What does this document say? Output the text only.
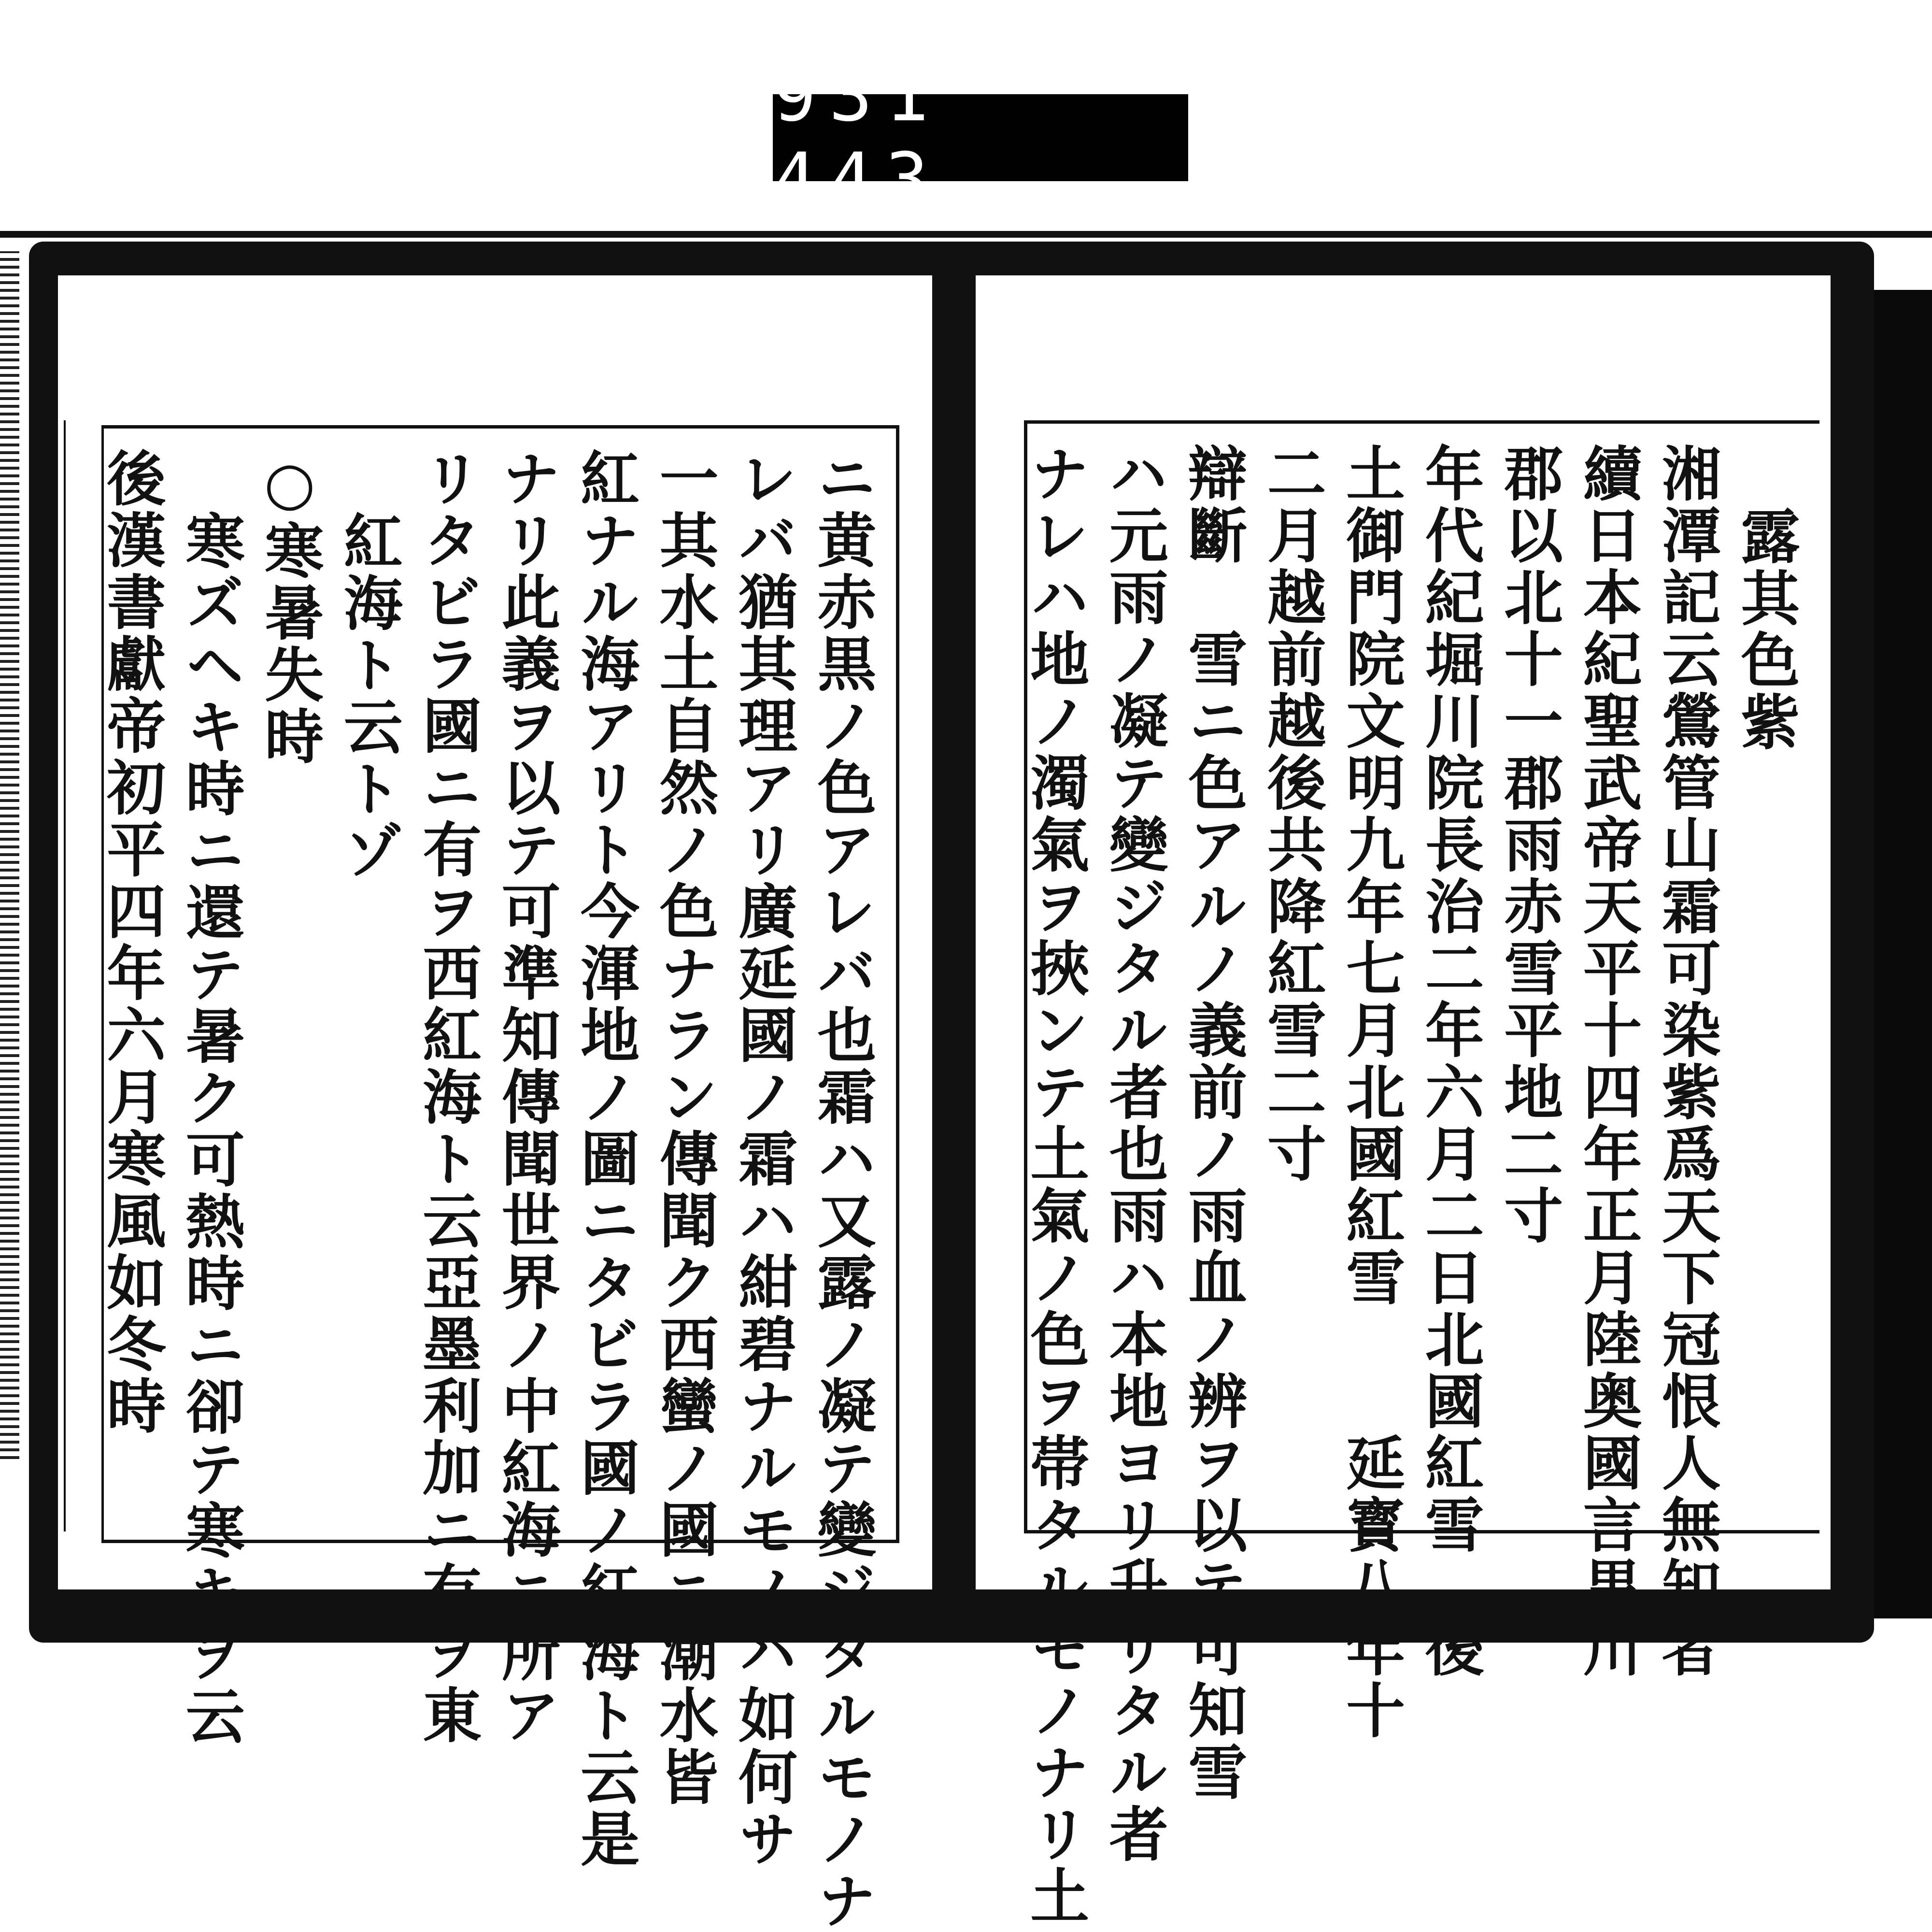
931 443.
ニ黄赤黒ノ色アレバ也霜ハ又露ノ凝テ變ジタルモノナ
レバ猶其理アリ廣延國ノ霜ハ紺碧ナルモノハ如何サ
一其水土自然ノ色ナラン傳聞ク西蠻ノ國ニ潮水皆
紅ナル海アリト今渾地ノ圖ニタビラ國ノ紅海ト云是
ナリ此義ヲ以テ可準知傳聞世界ノ中紅海ニ所ア
リタビラ國ニ有ヲ西紅海ト云亞墨利加ニ有ヲ東
紅海ト云トゾ
○寒暑失時
寒ズヘキ時ニ還テ暑ク可熱時ニ卻テ寒キヲ云
後漢書獻帝初平四年六月寒風如冬時	露其色紫
湘潭記云鶯管山霜可染紫爲天下冠恨人無知者
續日本紀聖武帝天平十四年正月陸奥國言黒川
郡以北十一郡雨赤雪平地二寸
年代紀堀川院長治二年六月二日北國紅雪　後
土御門院文明九年七月北國紅雪　　延寳八年十
二月越前越後共降紅雪二寸
辯斷　雪ニ色アルノ義前ノ雨血ノ辨ヲ以テ可知雪
ハ元雨ノ凝テ變ジタル者也雨ハ本地ヨリ升リタル者
ナレハ地ノ濁氣ヲ挾ンテ土氣ノ色ヲ帯タルモノナリ土
